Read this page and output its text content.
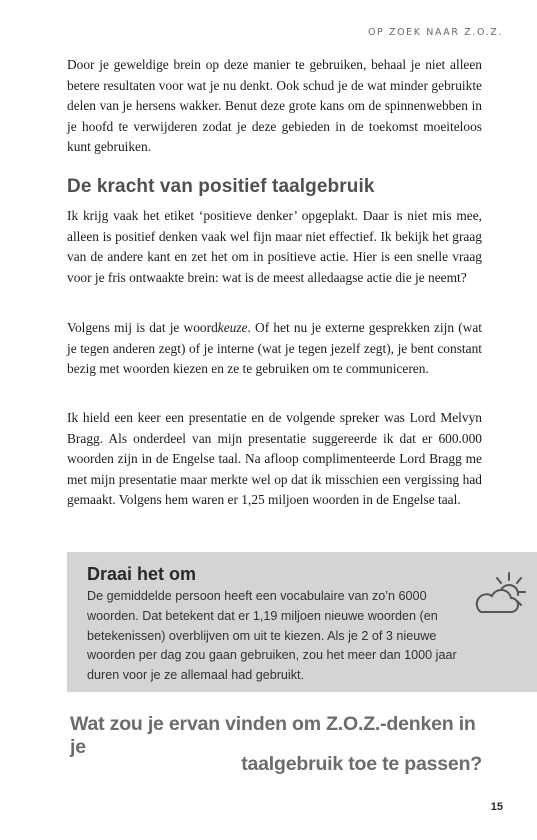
OP ZOEK NAAR Z.O.Z.

Door je geweldige brein op deze manier te gebruiken, behaal je niet alleen betere resultaten voor wat je nu denkt. Ook schud je de wat minder gebruikte delen van je hersens wakker. Benut deze grote kans om de spinnenwebben in je hoofd te verwijderen zodat je deze gebieden in de toekomst moeiteloos kunt gebruiken.

De kracht van positief taalgebruik

Ik krijg vaak het etiket ‘positieve denker’ opgeplakt. Daar is niet mis mee, alleen is positief denken vaak wel fijn maar niet effectief. Ik bekijk het graag van de andere kant en zet het om in positieve actie. Hier is een snelle vraag voor je fris ontwaakte brein: wat is de meest alledaagse actie die je neemt?

Volgens mij is dat je woordkeuze. Of het nu je externe gesprekken zijn (wat je tegen anderen zegt) of je interne (wat je tegen jezelf zegt), je bent constant bezig met woorden kiezen en ze te gebruiken om te communiceren.

Ik hield een keer een presentatie en de volgende spreker was Lord Melvyn Bragg. Als onderdeel van mijn presentatie suggereerde ik dat er 600.000 woorden zijn in de Engelse taal. Na afloop complimenteerde Lord Bragg me met mijn presentatie maar merkte wel op dat ik misschien een vergissing had gemaakt. Volgens hem waren er 1,25 miljoen woorden in de Engelse taal.

Draai het om
De gemiddelde persoon heeft een vocabulaire van zo’n 6000 woorden. Dat betekent dat er 1,19 miljoen nieuwe woorden (en betekenissen) overblijven om uit te kiezen. Als je 2 of 3 nieuwe woorden per dag zou gaan gebruiken, zou het meer dan 1000 jaar duren voor je ze allemaal had gebruikt.
Wat zou je ervan vinden om Z.O.Z.-denken in je
taalgebruik toe te passen?
15
